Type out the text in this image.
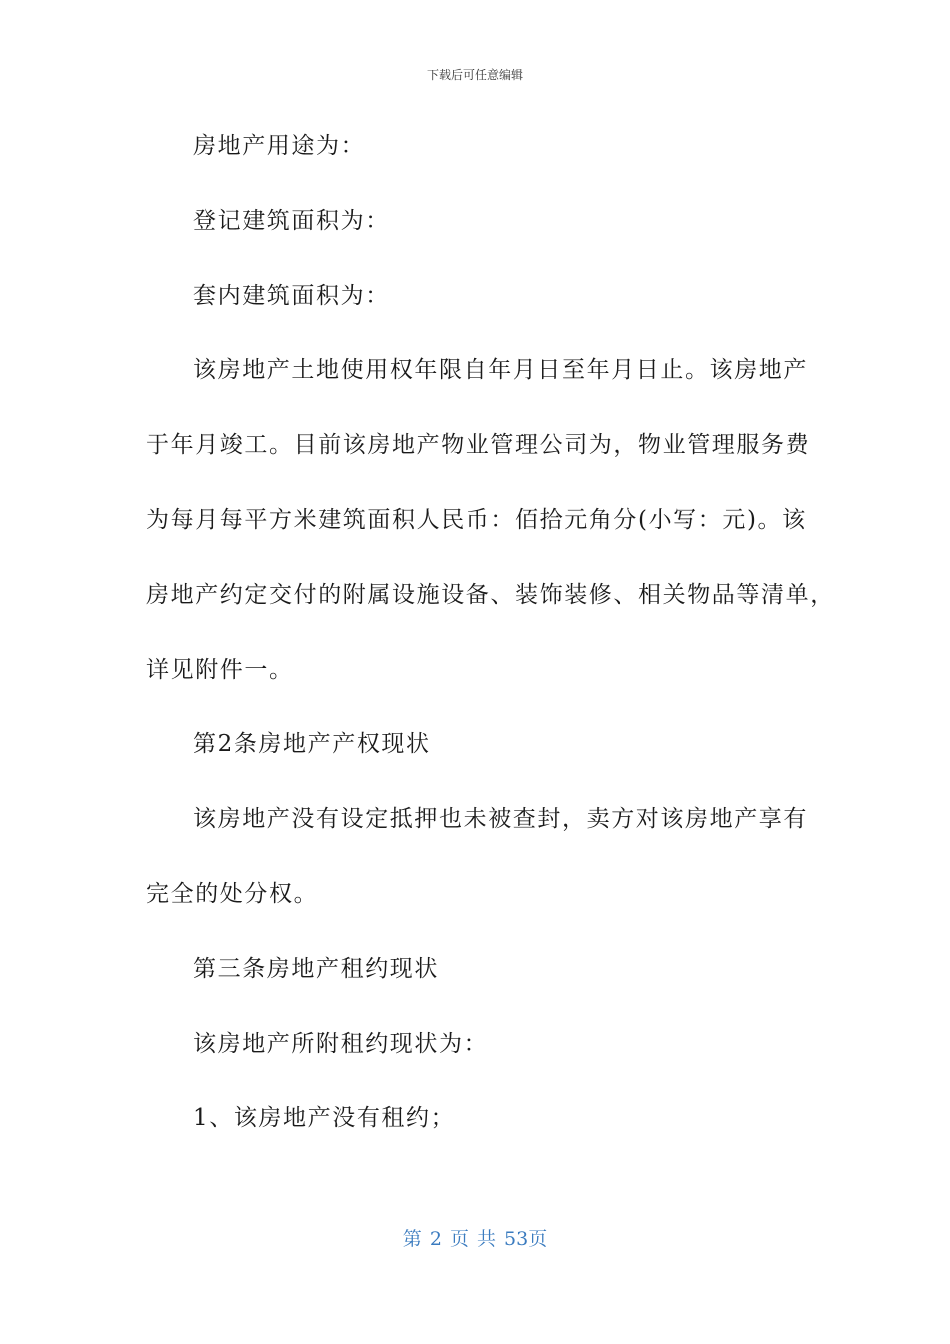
下载后可任意编辑
房地产用途为：
登记建筑面积为：
套内建筑面积为：
该房地产土地使用权年限自年月日至年月日止。该房地产
于年月竣工。目前该房地产物业管理公司为，物业管理服务费
为每月每平方米建筑面积人民币：佰拾元角分(小写：元)。该
房地产约定交付的附属设施设备、装饰装修、相关物品等清单，
详见附件一。
第2条房地产产权现状
该房地产没有设定抵押也未被查封，卖方对该房地产享有
完全的处分权。
第三条房地产租约现状
该房地产所附租约现状为：
1、该房地产没有租约；
第 2 页 共 53页
